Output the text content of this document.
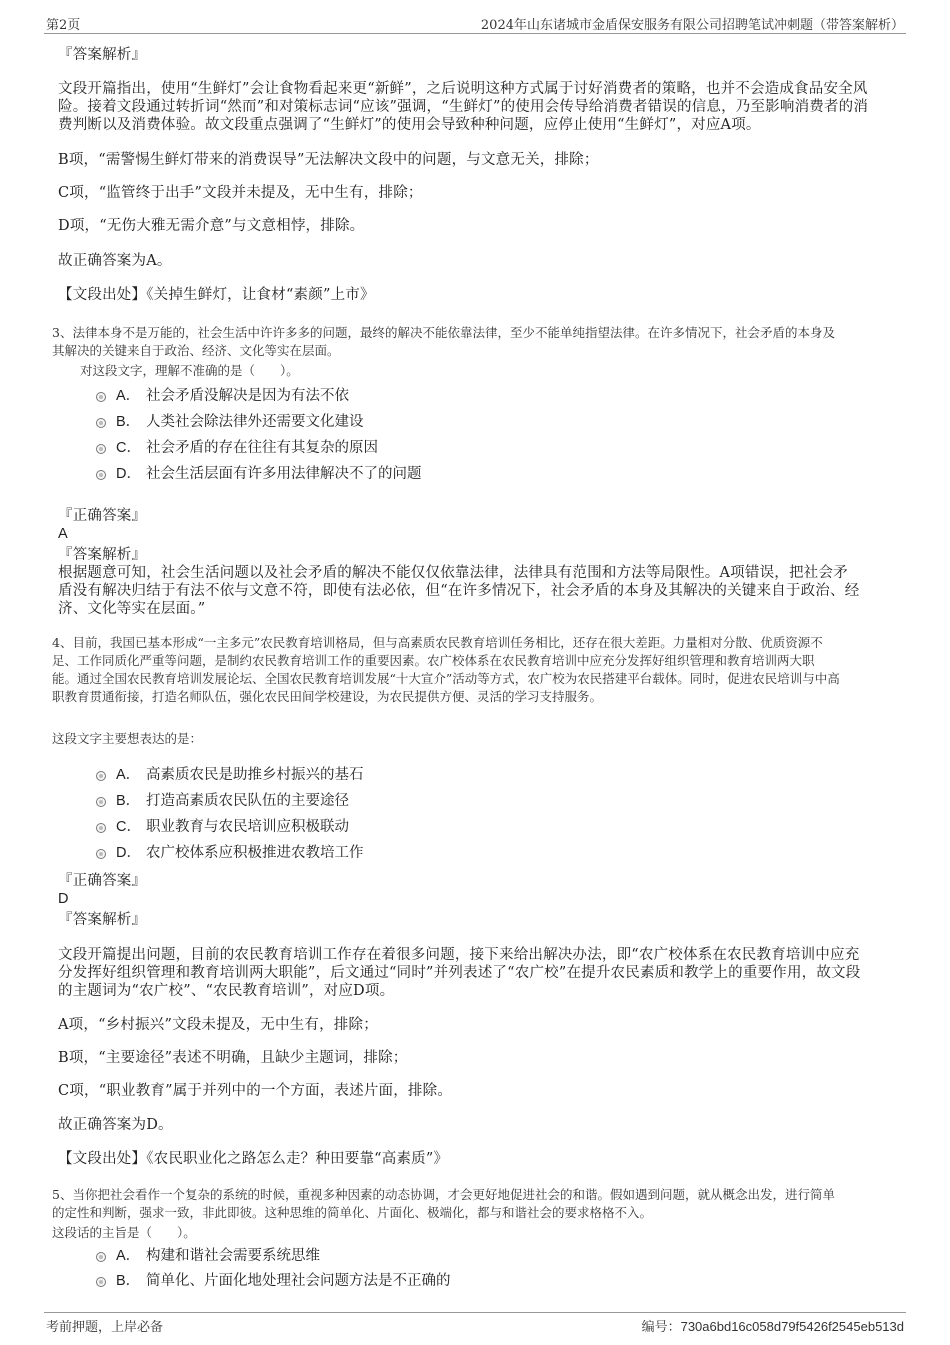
第2页	2024年山东诸城市金盾保安服务有限公司招聘笔试冲刺题（带答案解析）
『答案解析』
文段开篇指出，使用“生鲜灯”会让食物看起来更“新鲜”，之后说明这种方式属于讨好消费者的策略，也并不会造成食品安全风
险。接着文段通过转折词“然而”和对策标志词“应该”强调，“生鲜灯”的使用会传导给消费者错误的信息，乃至影响消费者的消
费判断以及消费体验。故文段重点强调了“生鲜灯”的使用会导致种种问题，应停止使用“生鲜灯”，对应A项。
B项，“需警惕生鲜灯带来的消费误导”无法解决文段中的问题，与文意无关，排除；
C项，“监管终于出手”文段并未提及，无中生有，排除；
D项，“无伤大雅无需介意”与文意相悖，排除。
故正确答案为A。
【文段出处】《关掉生鲜灯，让食材“素颜”上市》
3、法律本身不是万能的，社会生活中许许多多的问题，最终的解决不能依靠法律，至少不能单纯指望法律。在许多情况下，社会矛盾的本身及
其解决的关键来自于政治、经济、文化等实在层面。
对这段文字，理解不准确的是（　　）。
A． 社会矛盾没解决是因为有法不依
B． 人类社会除法律外还需要文化建设
C． 社会矛盾的存在往往有其复杂的原因
D． 社会生活层面有许多用法律解决不了的问题
『正确答案』
A
『答案解析』
根据题意可知，社会生活问题以及社会矛盾的解决不能仅仅依靠法律，法律具有范围和方法等局限性。A项错误，把社会矛
盾没有解决归结于有法不依与文意不符，即使有法必依，但“在许多情况下，社会矛盾的本身及其解决的关键来自于政治、经
济、文化等实在层面。”
4、目前，我国已基本形成“一主多元”农民教育培训格局，但与高素质农民教育培训任务相比，还存在很大差距。力量相对分散、优质资源不
足、工作同质化严重等问题，是制约农民教育培训工作的重要因素。农广校体系在农民教育培训中应充分发挥好组织管理和教育培训两大职
能。通过全国农民教育培训发展论坛、全国农民教育培训发展“十大宣介”活动等方式，农广校为农民搭建平台载体。同时，促进农民培训与中高
职教育贯通衔接，打造名师队伍，强化农民田间学校建设，为农民提供方便、灵活的学习支持服务。
这段文字主要想表达的是：
A． 高素质农民是助推乡村振兴的基石
B． 打造高素质农民队伍的主要途径
C． 职业教育与农民培训应积极联动
D． 农广校体系应积极推进农教培工作
『正确答案』
D
『答案解析』
文段开篇提出问题，目前的农民教育培训工作存在着很多问题，接下来给出解决办法，即“农广校体系在农民教育培训中应充
分发挥好组织管理和教育培训两大职能”，后文通过“同时”并列表述了“农广校”在提升农民素质和教学上的重要作用，故文段
的主题词为“农广校”、“农民教育培训”，对应D项。
A项，“乡村振兴”文段未提及，无中生有，排除；
B项，“主要途径”表述不明确，且缺少主题词，排除；
C项，“职业教育”属于并列中的一个方面，表述片面，排除。
故正确答案为D。
【文段出处】《农民职业化之路怎么走？种田要靠“高素质”》
5、当你把社会看作一个复杂的系统的时候，重视多种因素的动态协调，才会更好地促进社会的和谐。假如遇到问题，就从概念出发，进行简单
的定性和判断，强求一致，非此即彼。这种思维的简单化、片面化、极端化，都与和谐社会的要求格格不入。
这段话的主旨是（　　）。
A． 构建和谐社会需要系统思维
B． 简单化、片面化地处理社会问题方法是不正确的
考前押题，上岸必备	编号：730a6bd16c058d79f5426f2545eb513d
